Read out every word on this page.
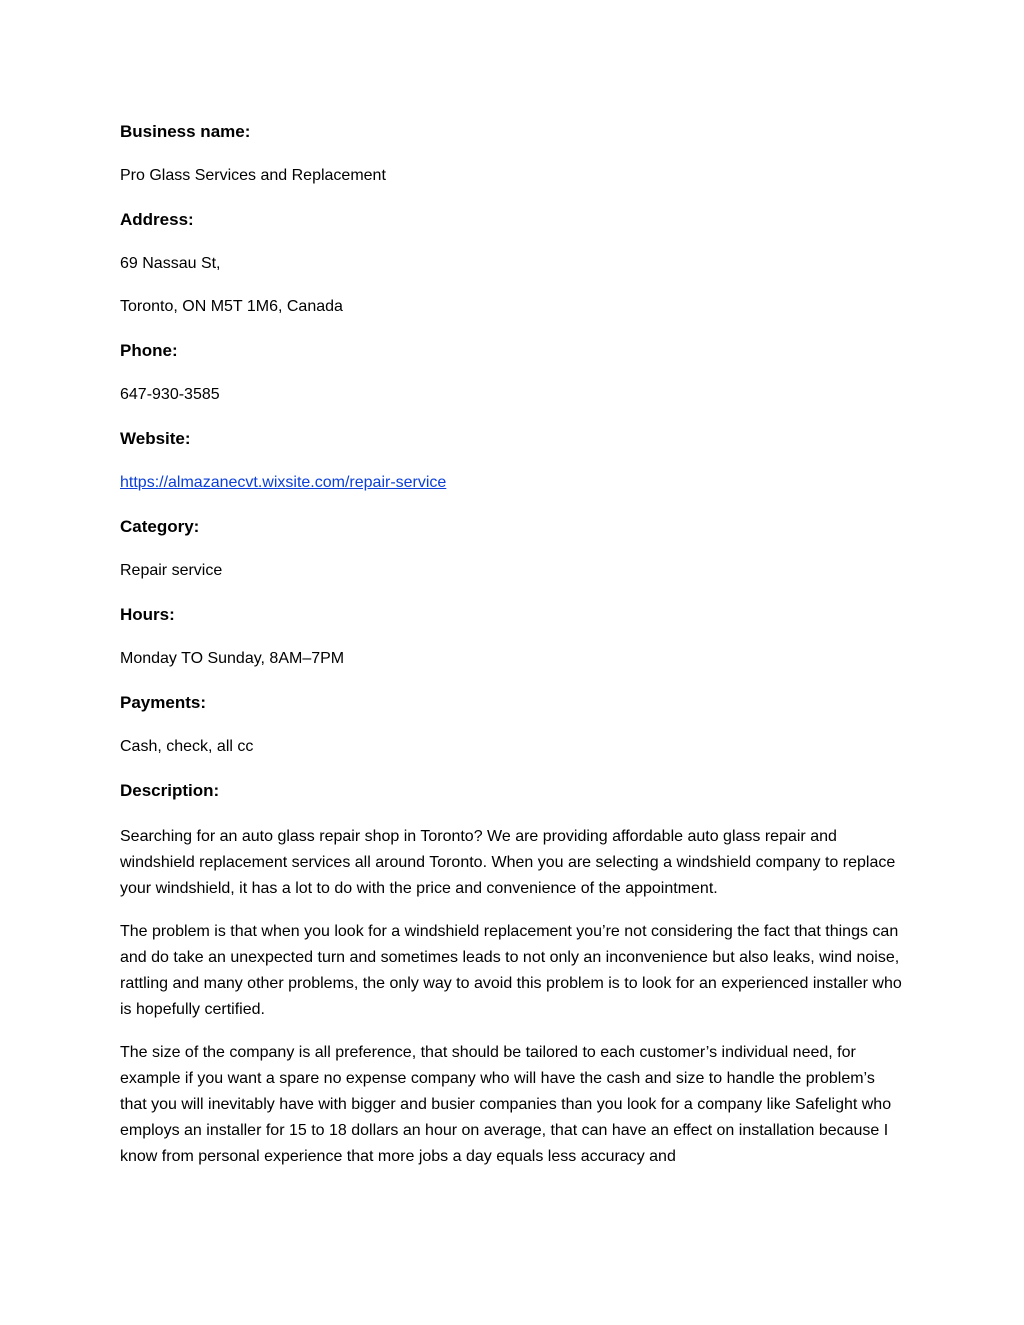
Business name:

Pro Glass Services and Replacement

Address:

69 Nassau St,

Toronto, ON M5T 1M6, Canada

Phone:

647-930-3585

Website:

https://almazanecvt.wixsite.com/repair-service

Category:

Repair service

Hours:

Monday TO Sunday, 8AM–7PM

Payments:

Cash, check, all cc

Description:

Searching for an auto glass repair shop in Toronto? We are providing affordable auto glass repair and windshield replacement services all around Toronto. When you are selecting a windshield company to replace your windshield, it has a lot to do with the price and convenience of the appointment.

The problem is that when you look for a windshield replacement you’re not considering the fact that things can and do take an unexpected turn and sometimes leads to not only an inconvenience but also leaks, wind noise, rattling and many other problems, the only way to avoid this problem is to look for an experienced installer who is hopefully certified.

The size of the company is all preference, that should be tailored to each customer’s individual need, for example if you want a spare no expense company who will have the cash and size to handle the problem’s that you will inevitably have with bigger and busier companies than you look for a company like Safelight who employs an installer for 15 to 18 dollars an hour on average, that can have an effect on installation because I know from personal experience that more jobs a day equals less accuracy and
